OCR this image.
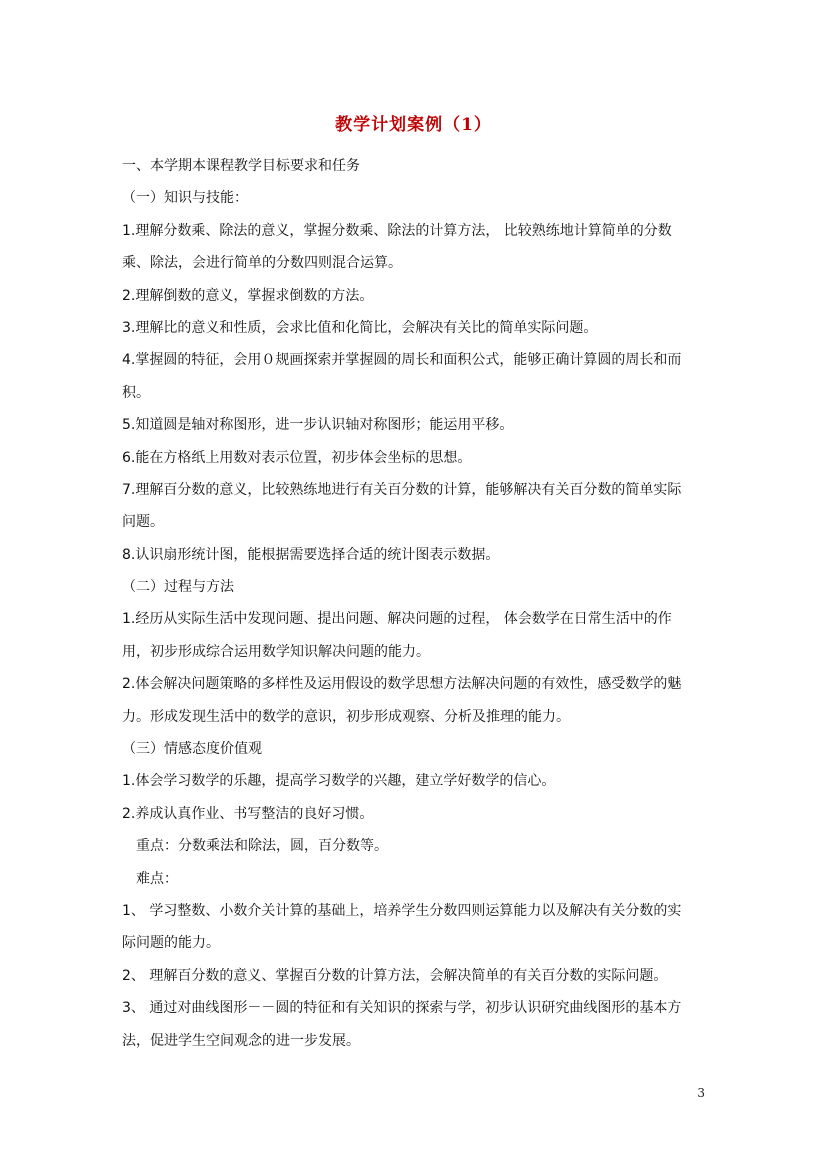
教学计划案例（1）
一、本学期本课程教学目标要求和任务
（一）知识与技能：
1.理解分数乘、除法的意义，掌握分数乘、除法的计算方法， 比较熟练地计算简单的分数
乘、除法，会进行简单的分数四则混合运算。
2.理解倒数的意义，掌握求倒数的方法。
3.理解比的意义和性质，会求比值和化简比，会解决有关比的简单实际问题。
4.掌握圆的特征，会用０规画探索并掌握圆的周长和面积公式，能够正确计算圆的周长和而
积。
5.知道圆是轴对称图形，进一步认识轴对称图形；能运用平移。
6.能在方格纸上用数对表示位置，初步体会坐标的思想。
7.理解百分数的意义，比较熟练地进行有关百分数的计算，能够解决有关百分数的简单实际
问题。
8.认识扇形统计图，能根据需要选择合适的统计图表示数据。
（二）过程与方法
1.经历从实际生活中发现问题、提出问题、解决问题的过程， 体会数学在日常生活中的作
用，初步形成综合运用数学知识解决问题的能力。
2.体会解决问题策略的多样性及运用假设的数学思想方法解决问题的有效性，感受数学的魅
力。形成发现生活中的数学的意识，初步形成观察、分析及推理的能力。
（三）情感态度价值观
1.体会学习数学的乐趣，提高学习数学的兴趣，建立学好数学的信心。
2.养成认真作业、书写整洁的良好习惯。
重点：分数乘法和除法，圆，百分数等。
难点：
1、 学习整数、小数介关计算的基础上，培养学生分数四则运算能力以及解决有关分数的实
际问题的能力。
2、 理解百分数的意义、掌握百分数的计算方法，会解决简单的有关百分数的实际问题。
3、 通过对曲线图形－－圆的特征和有关知识的探索与学，初步认识研究曲线图形的基本方
法，促进学生空间观念的进一步发展。
3
